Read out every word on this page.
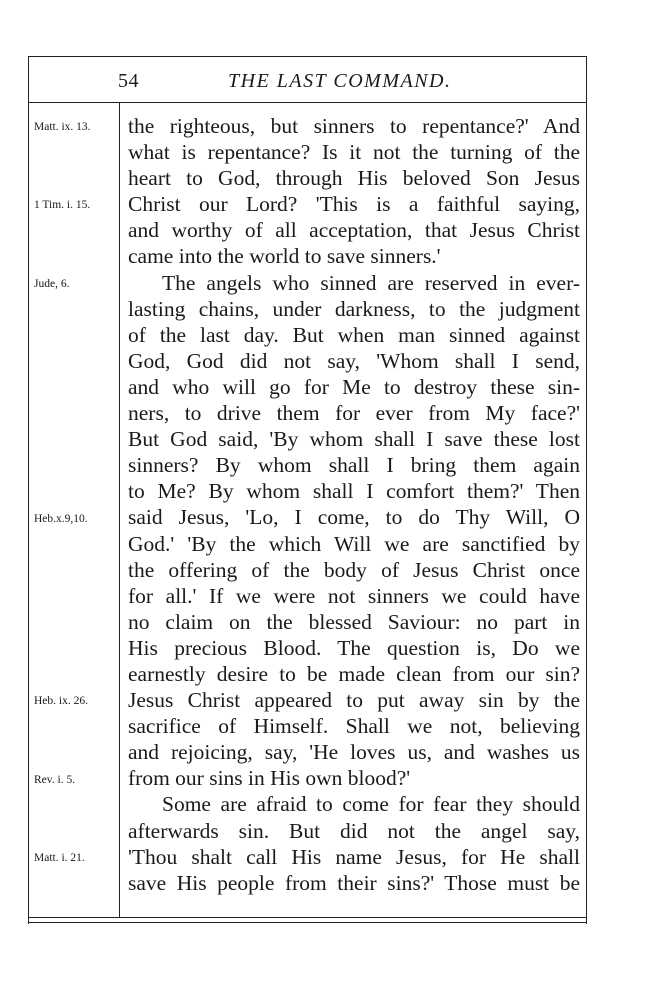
54	THE LAST COMMAND.
Matt. ix. 13.
1 Tim. i. 15.
Jude, 6.
Heb.x.9,10.
Heb. ix. 26.
Rev. i. 5.
Matt. i. 21.
the righteous, but sinners to repentance?' And
what is repentance? Is it not the turning of the
heart to God, through His beloved Son Jesus
Christ our Lord? 'This is a faithful saying,
and worthy of all acceptation, that Jesus Christ
came into the world to save sinners.'
The angels who sinned are reserved in ever-
lasting chains, under darkness, to the judgment
of the last day. But when man sinned against
God, God did not say, 'Whom shall I send,
and who will go for Me to destroy these sin-
ners, to drive them for ever from My face?'
But God said, 'By whom shall I save these lost
sinners? By whom shall I bring them again
to Me? By whom shall I comfort them?' Then
said Jesus, 'Lo, I come, to do Thy Will, O
God.' 'By the which Will we are sanctified by
the offering of the body of Jesus Christ once
for all.' If we were not sinners we could have
no claim on the blessed Saviour: no part in
His precious Blood. The question is, Do we
earnestly desire to be made clean from our sin?
Jesus Christ appeared to put away sin by the
sacrifice of Himself. Shall we not, believing
and rejoicing, say, 'He loves us, and washes us
from our sins in His own blood?'
Some are afraid to come for fear they should
afterwards sin. But did not the angel say,
'Thou shalt call His name Jesus, for He shall
save His people from their sins?' Those must be
